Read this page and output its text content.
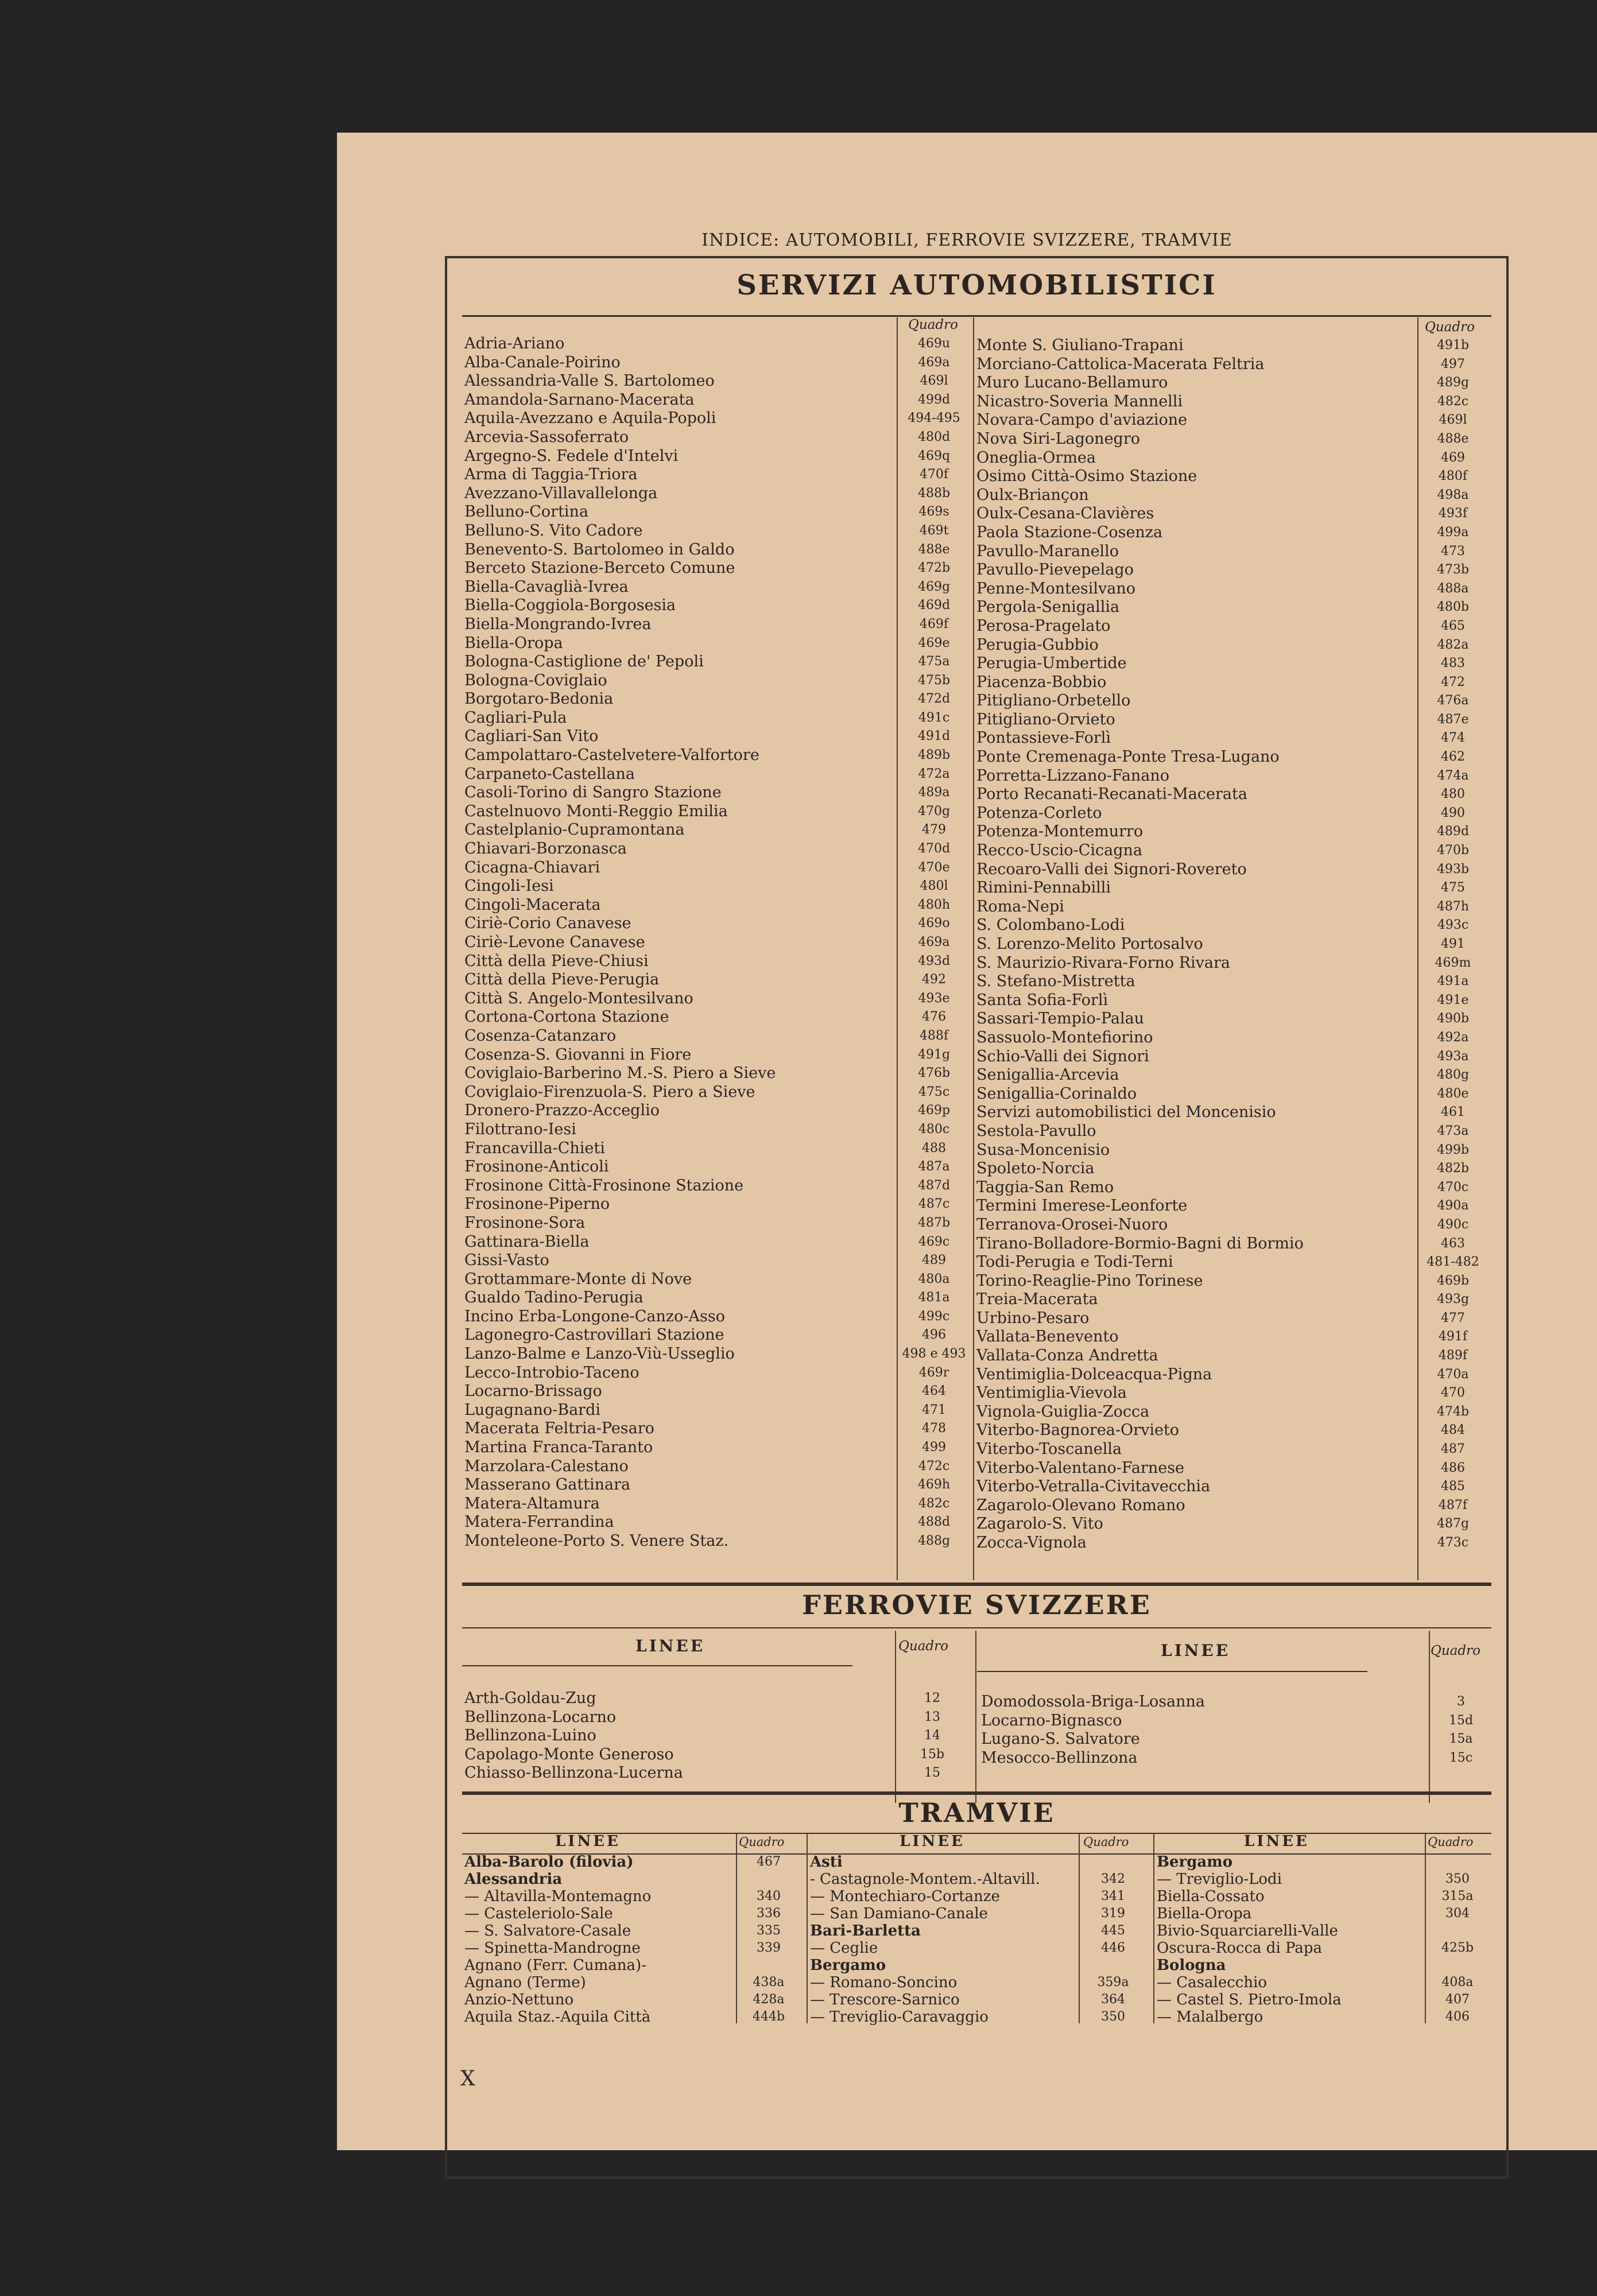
INDICE: AUTOMOBILI, FERROVIE SVIZZERE, TRAMVIE
SERVIZI AUTOMOBILISTICI
Quadro	Quadro
Adria-Ariano	469u
Alba-Canale-Poirino	469a
Alessandria-Valle S. Bartolomeo	469l
Amandola-Sarnano-Macerata	499d
Aquila-Avezzano e Aquila-Popoli	494-495
Arcevia-Sassoferrato	480d
Argegno-S. Fedele d'Intelvi	469q
Arma di Taggia-Triora	470f
Avezzano-Villavallelonga	488b
Belluno-Cortina	469s
Belluno-S. Vito Cadore	469t
Benevento-S. Bartolomeo in Galdo	488e
Berceto Stazione-Berceto Comune	472b
Biella-Cavaglià-Ivrea	469g
Biella-Coggiola-Borgosesia	469d
Biella-Mongrando-Ivrea	469f
Biella-Oropa	469e
Bologna-Castiglione de' Pepoli	475a
Bologna-Coviglaio	475b
Borgotaro-Bedonia	472d
Cagliari-Pula	491c
Cagliari-San Vito	491d
Campolattaro-Castelvetere-Valfortore	489b
Carpaneto-Castellana	472a
Casoli-Torino di Sangro Stazione	489a
Castelnuovo Monti-Reggio Emilia	470g
Castelplanio-Cupramontana	479
Chiavari-Borzonasca	470d
Cicagna-Chiavari	470e
Cingoli-Iesi	480l
Cingoli-Macerata	480h
Ciriè-Corio Canavese	469o
Ciriè-Levone Canavese	469a
Città della Pieve-Chiusi	493d
Città della Pieve-Perugia	492
Città S. Angelo-Montesilvano	493e
Cortona-Cortona Stazione	476
Cosenza-Catanzaro	488f
Cosenza-S. Giovanni in Fiore	491g
Coviglaio-Barberino M.-S. Piero a Sieve	476b
Coviglaio-Firenzuola-S. Piero a Sieve	475c
Dronero-Prazzo-Acceglio	469p
Filottrano-Iesi	480c
Francavilla-Chieti	488
Frosinone-Anticoli	487a
Frosinone Città-Frosinone Stazione	487d
Frosinone-Piperno	487c
Frosinone-Sora	487b
Gattinara-Biella	469c
Gissi-Vasto	489
Grottammare-Monte di Nove	480a
Gualdo Tadino-Perugia	481a
Incino Erba-Longone-Canzo-Asso	499c
Lagonegro-Castrovillari Stazione	496
Lanzo-Balme e Lanzo-Viù-Usseglio	498 e 493
Lecco-Introbio-Taceno	469r
Locarno-Brissago	464
Lugagnano-Bardi	471
Macerata Feltria-Pesaro	478
Martina Franca-Taranto	499
Marzolara-Calestano	472c
Masserano Gattinara	469h
Matera-Altamura	482c
Matera-Ferrandina	488d
Monteleone-Porto S. Venere Staz.	488g
Monte S. Giuliano-Trapani	491b
Morciano-Cattolica-Macerata Feltria	497
Muro Lucano-Bellamuro	489g
Nicastro-Soveria Mannelli	482c
Novara-Campo d'aviazione	469l
Nova Siri-Lagonegro	488e
Oneglia-Ormea	469
Osimo Città-Osimo Stazione	480f
Oulx-Briançon	498a
Oulx-Cesana-Clavières	493f
Paola Stazione-Cosenza	499a
Pavullo-Maranello	473
Pavullo-Pievepelago	473b
Penne-Montesilvano	488a
Pergola-Senigallia	480b
Perosa-Pragelato	465
Perugia-Gubbio	482a
Perugia-Umbertide	483
Piacenza-Bobbio	472
Pitigliano-Orbetello	476a
Pitigliano-Orvieto	487e
Pontassieve-Forlì	474
Ponte Cremenaga-Ponte Tresa-Lugano	462
Porretta-Lizzano-Fanano	474a
Porto Recanati-Recanati-Macerata	480
Potenza-Corleto	490
Potenza-Montemurro	489d
Recco-Uscio-Cicagna	470b
Recoaro-Valli dei Signori-Rovereto	493b
Rimini-Pennabilli	475
Roma-Nepi	487h
S. Colombano-Lodi	493c
S. Lorenzo-Melito Portosalvo	491
S. Maurizio-Rivara-Forno Rivara	469m
S. Stefano-Mistretta	491a
Santa Sofia-Forlì	491e
Sassari-Tempio-Palau	490b
Sassuolo-Montefiorino	492a
Schio-Valli dei Signori	493a
Senigallia-Arcevia	480g
Senigallia-Corinaldo	480e
Servizi automobilistici del Moncenisio	461
Sestola-Pavullo	473a
Susa-Moncenisio	499b
Spoleto-Norcia	482b
Taggia-San Remo	470c
Termini Imerese-Leonforte	490a
Terranova-Orosei-Nuoro	490c
Tirano-Bolladore-Bormio-Bagni di Bormio	463
Todi-Perugia e Todi-Terni	481-482
Torino-Reaglie-Pino Torinese	469b
Treia-Macerata	493g
Urbino-Pesaro	477
Vallata-Benevento	491f
Vallata-Conza Andretta	489f
Ventimiglia-Dolceacqua-Pigna	470a
Ventimiglia-Vievola	470
Vignola-Guiglia-Zocca	474b
Viterbo-Bagnorea-Orvieto	484
Viterbo-Toscanella	487
Viterbo-Valentano-Farnese	486
Viterbo-Vetralla-Civitavecchia	485
Zagarolo-Olevano Romano	487f
Zagarolo-S. Vito	487g
Zocca-Vignola	473c
FERROVIE SVIZZERE
LINEE	Quadro	LINEE	Quadro
Arth-Goldau-Zug	12
Bellinzona-Locarno	13
Bellinzona-Luino	14
Capolago-Monte Generoso	15b
Chiasso-Bellinzona-Lucerna	15
Domodossola-Briga-Losanna	3
Locarno-Bignasco	15d
Lugano-S. Salvatore	15a
Mesocco-Bellinzona	15c
TRAMVIE
LINEE	Quadro	LINEE	Quadro	LINEE	Quadro
Alba-Barolo (filovia)	467
Alessandria
— Altavilla-Montemagno	340
— Casteleriolo-Sale	336
— S. Salvatore-Casale	335
— Spinetta-Mandrogne	339
Agnano (Ferr. Cumana)-
Agnano (Terme)	438a
Anzio-Nettuno	428a
Aquila Staz.-Aquila Città	444b
Asti
- Castagnole-Montem.-Altavill.	342
— Montechiaro-Cortanze	341
— San Damiano-Canale	319
Bari-Barletta	445
— Ceglie	446
Bergamo
— Romano-Soncino	359a
— Trescore-Sarnico	364
— Treviglio-Caravaggio	350
Bergamo
— Treviglio-Lodi	350
Biella-Cossato	315a
Biella-Oropa	304
Bivio-Squarciarelli-Valle
Oscura-Rocca di Papa	425b
Bologna
— Casalecchio	408a
— Castel S. Pietro-Imola	407
— Malalbergo	406
X
